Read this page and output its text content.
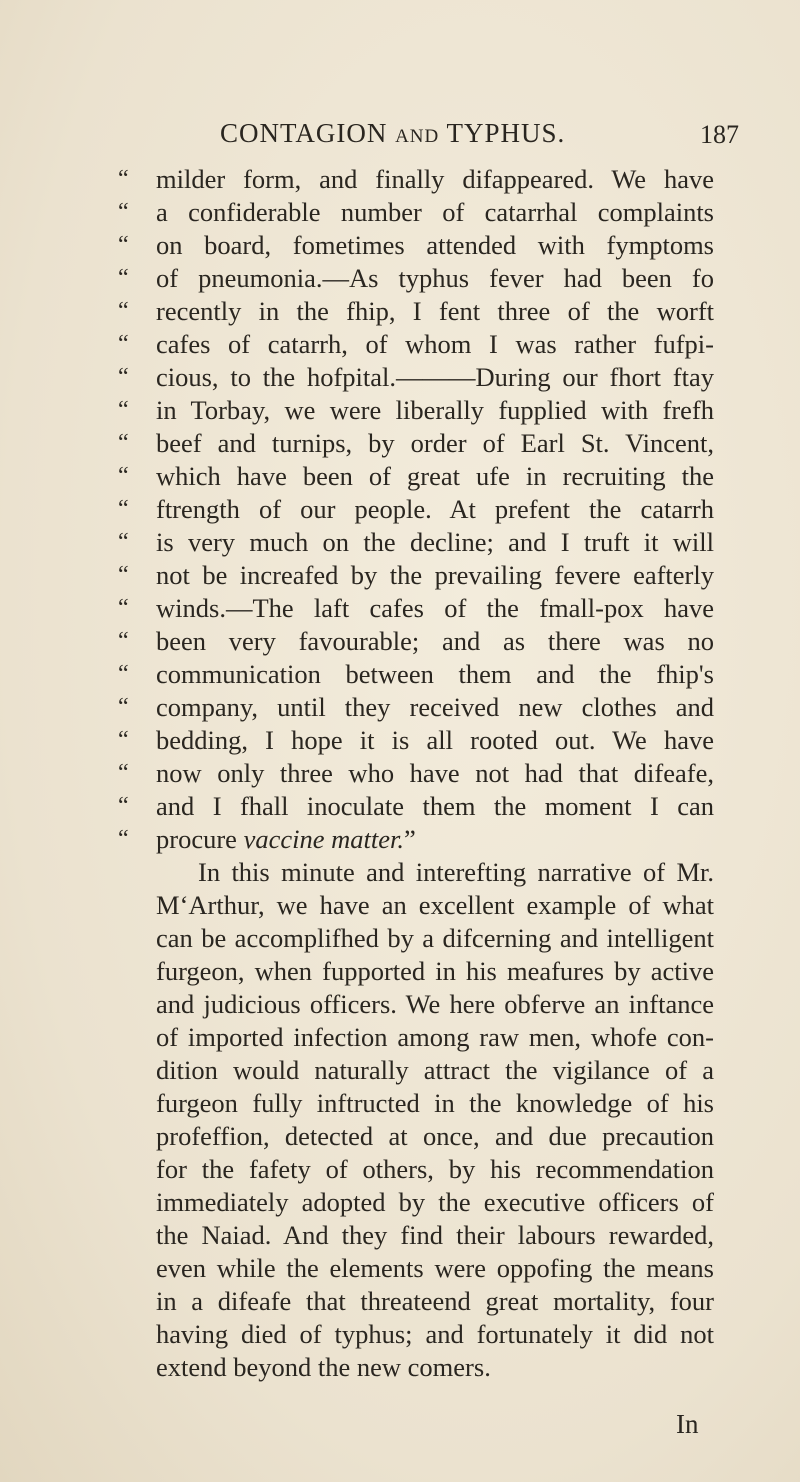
CONTAGION AND TYPHUS.	187
“	milder form, and finally difappeared. We have
“	a confiderable number of catarrhal complaints
“	on board, fometimes attended with fymptoms
“	of pneumonia.—As typhus fever had been fo
“	recently in the fhip, I fent three of the worft
“	cafes of catarrh, of whom I was rather fufpi-
“	cious, to the hofpital.———During our fhort ftay
“	in Torbay, we were liberally fupplied with frefh
“	beef and turnips, by order of Earl St. Vincent,
“	which have been of great ufe in recruiting the
“	ftrength of our people. At prefent the catarrh
“	is very much on the decline; and I truft it will
“	not be increafed by the prevailing fevere eafterly
“	winds.—The laft cafes of the fmall-pox have
“	been very favourable; and as there was no
“	communication between them and the fhip's
“	company, until they received new clothes and
“	bedding, I hope it is all rooted out. We have
“	now only three who have not had that difeafe,
“	and I fhall inoculate them the moment I can
“	procure vaccine matter.”
In this minute and interefting narrative of Mr.
M‘Arthur, we have an excellent example of what
can be accomplifhed by a difcerning and intelligent
furgeon, when fupported in his meafures by active
and judicious officers. We here obferve an inftance
of imported infection among raw men, whofe con-
dition would naturally attract the vigilance of a
furgeon fully inftructed in the knowledge of his
profeffion, detected at once, and due precaution
for the fafety of others, by his recommendation
immediately adopted by the executive officers of
the Naiad. And they find their labours rewarded,
even while the elements were oppofing the means
in a difeafe that threateend great mortality, four
having died of typhus; and fortunately it did not
extend beyond the new comers.
In
